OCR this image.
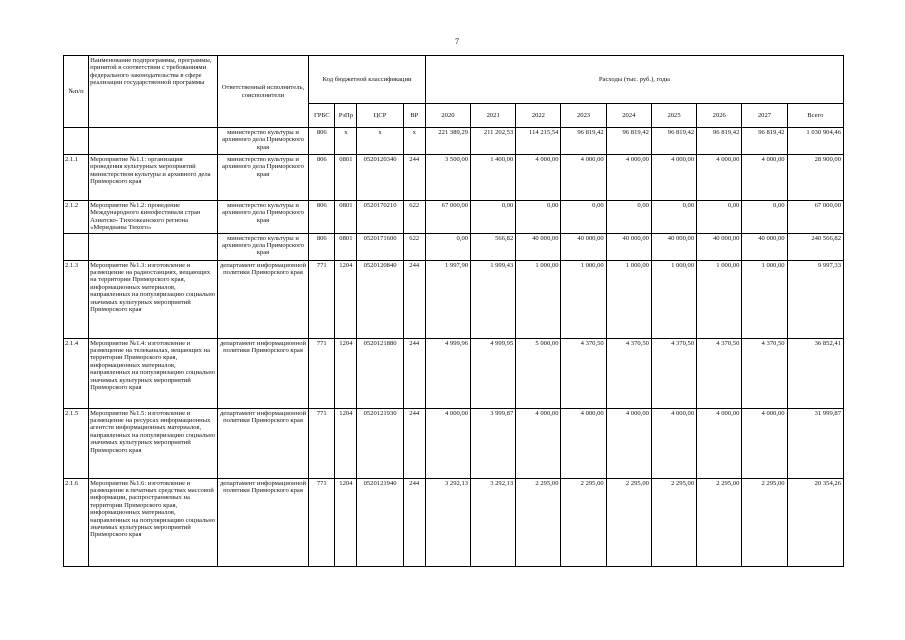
7
№п/п	Наименование подпрограммы, программы, принятой в соответствии с требованиями федерального законодательства в сфере реализации государственной программы	Ответственный исполнитель, соисполнители	Код бюджетной классификации				Расходы (тыс. руб.), годы								
			ГРБС	РзПр	ЦСР	ВР	2020	2021	2022	2023	2024	2025	2026	2027	Всего
		министерство культуры и архивного дела Приморского края	806	x	x	x	221 389,29	211 202,53	114 215,54	96 819,42	96 819,42	96 819,42	96 819,42	96 819,42	1 030 904,46
2.1.1	Мероприятие №1.1: организация проведения культурных мероприятий министерством культуры и архивного дела Приморского края	министерство культуры и архивного дела Приморского края	806	0801	0520120340	244	3 500,00	1 400,00	4 000,00	4 000,00	4 000,00	4 000,00	4 000,00	4 000,00	28 900,00
2.1.2	Мероприятие №1.2: проведение Международного кинофестиваля стран Азиатско- Тихоокеанского региона «Меридианы Тихого»	министерство культуры и архивного дела Приморского края	806	0801	0520170210	622	67 000,00	0,00	0,00	0,00	0,00	0,00	0,00	0,00	67 000,00
		министерство культуры и архивного дела Приморского края	806	0801	0520171600	622	0,00	566,82	40 000,00	40 000,00	40 000,00	40 000,00	40 000,00	40 000,00	240 566,82
2.1.3	Мероприятие №1.3: изготовление и размещение на радиостанциях, вещающих на территории Приморского края, информационных материалов, направленных на популяризацию социально значимых культурных мероприятий Приморского края	департамент информационной политики Приморского края	771	1204	0520120840	244	1 997,90	1 999,43	1 000,00	1 000,00	1 000,00	1 000,00	1 000,00	1 000,00	9 997,33
2.1.4	Мероприятие №1.4: изготовление и размещение на телеканалах, вещающих на территории Приморского края, информационных материалов, направленных на популяризацию социально значимых культурных мероприятий Приморского края	департамент информационной политики Приморского края	771	1204	0520121880	244	4 999,96	4 999,95	5 000,00	4 370,50	4 370,50	4 370,50	4 370,50	4 370,50	36 852,41
2.1.5	Мероприятие №1.5: изготовление и размещение на ресурсах информационных агентств информационных материалов, направленных на популяризацию социально значимых культурных мероприятий Приморского края	департамент информационной политики Приморского края	771	1204	0520121930	244	4 000,00	3 999,87	4 000,00	4 000,00	4 000,00	4 000,00	4 000,00	4 000,00	31 999,87
2.1.6	Мероприятие №1.6: изготовление и размещение в печатных средствах массовой информации, распространяемых на территории Приморского края, информационных материалов, направленных на популяризацию социально значимых культурных мероприятий Приморского края	департамент информационной политики Приморского края	771	1204	0520121940	244	3 292,13	3 292,13	2 295,00	2 295,00	2 295,00	2 295,00	2 295,00	2 295,00	20 354,26
